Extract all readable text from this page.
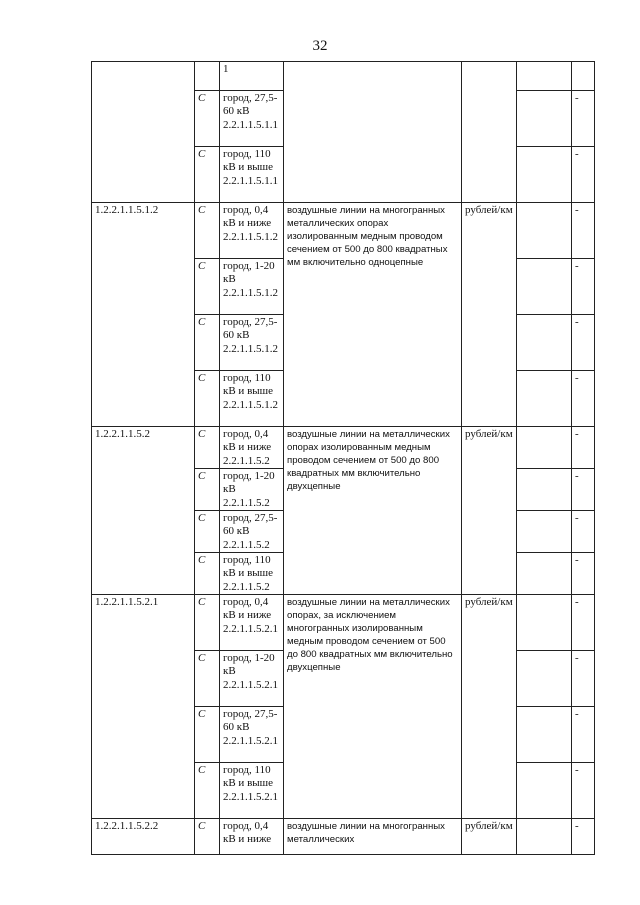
32
		1				
	С	город, 27,5-60 кВ 2.2.1.1.5.1.1				-
	С	город, 110 кВ и выше 2.2.1.1.5.1.1				-
1.2.2.1.1.5.1.2	С	город, 0,4 кВ и ниже 2.2.1.1.5.1.2	воздушные линии на многогранных металлических опорах изолированным медным проводом сечением от 500 до 800 квадратных мм включительно одноцепные	рублей/км		-
	С	город, 1-20 кВ 2.2.1.1.5.1.2				-
	С	город, 27,5-60 кВ 2.2.1.1.5.1.2				-
	С	город, 110 кВ и выше 2.2.1.1.5.1.2				-
1.2.2.1.1.5.2	С	город, 0,4 кВ и ниже 2.2.1.1.5.2	воздушные линии на металлических опорах изолированным медным проводом сечением от 500 до 800 квадратных мм включительно двухцепные	рублей/км		-
	С	город, 1-20 кВ 2.2.1.1.5.2				-
	С	город, 27,5-60 кВ 2.2.1.1.5.2				-
	С	город, 110 кВ и выше 2.2.1.1.5.2				-
1.2.2.1.1.5.2.1	С	город, 0,4 кВ и ниже 2.2.1.1.5.2.1	воздушные линии на металлических опорах, за исключением многогранных изолированным медным проводом сечением от 500 до 800 квадратных мм включительно двухцепные	рублей/км		-
	С	город, 1-20 кВ 2.2.1.1.5.2.1				-
	С	город, 27,5-60 кВ 2.2.1.1.5.2.1				-
	С	город, 110 кВ и выше 2.2.1.1.5.2.1				-
1.2.2.1.1.5.2.2	С	город, 0,4 кВ и ниже	воздушные линии на многогранных металлических	рублей/км		-
